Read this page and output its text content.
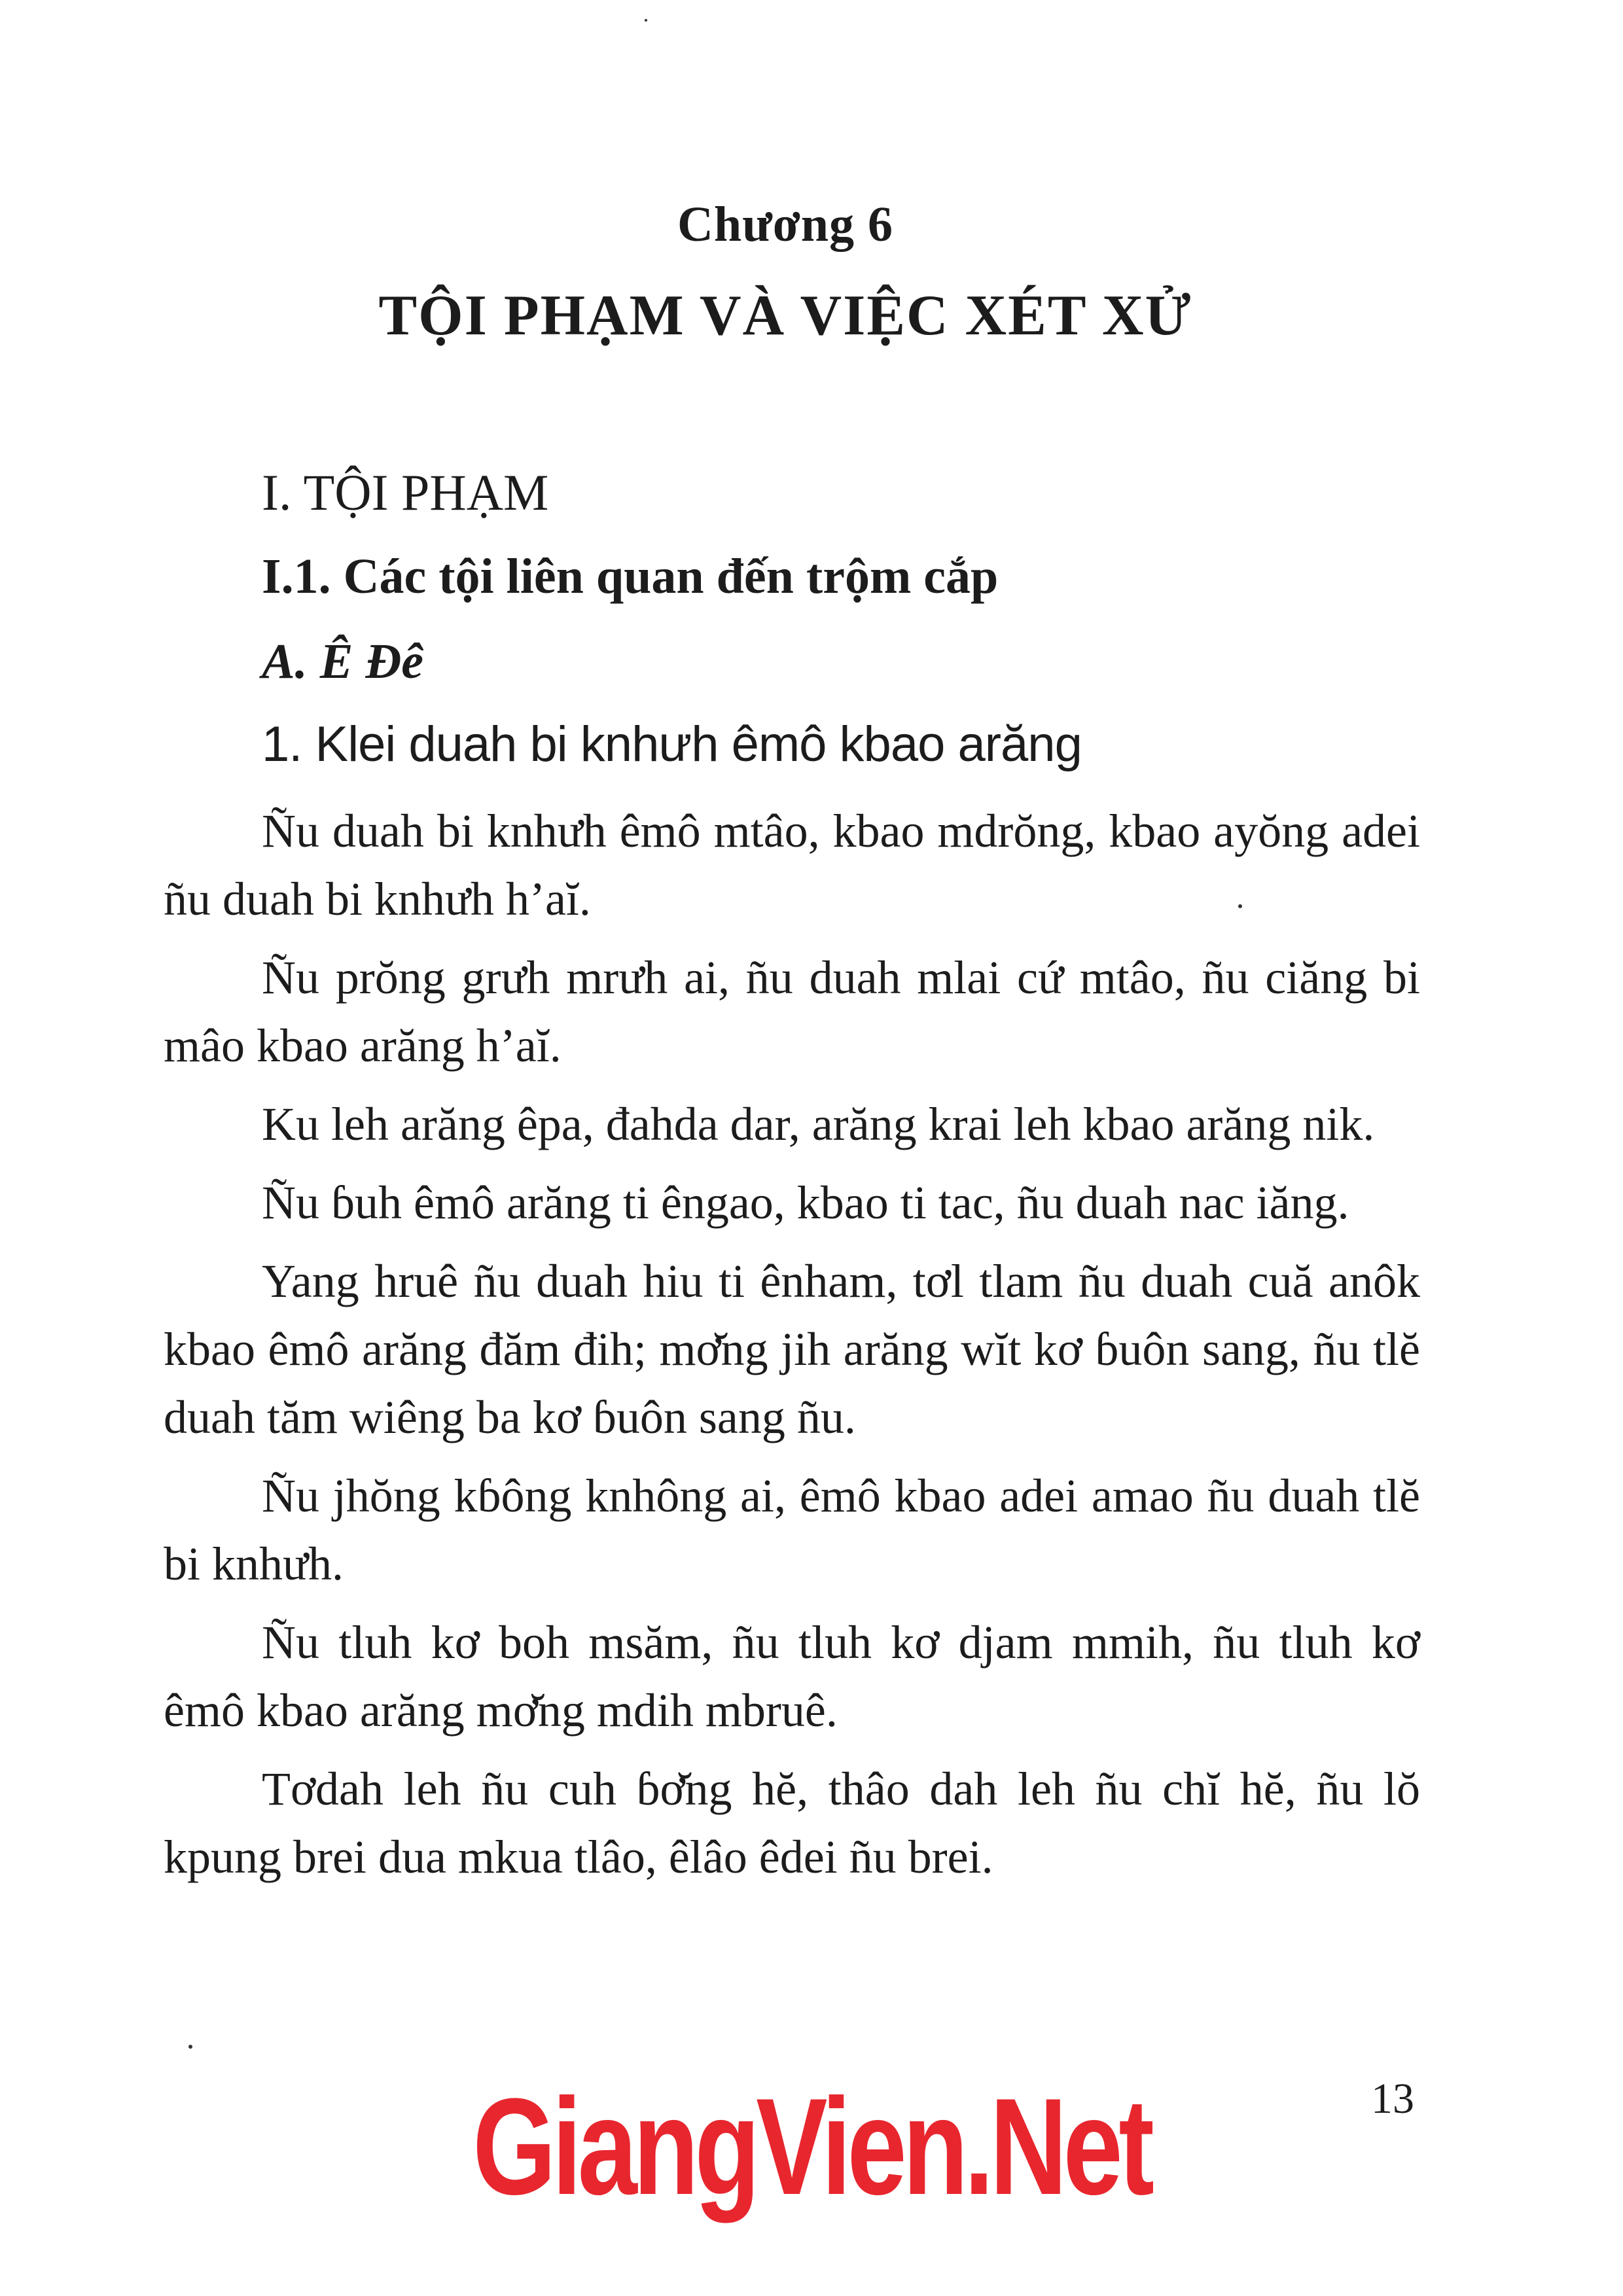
Chương 6
TỘI PHẠM VÀ VIỆC XÉT XỬ
I. TỘI PHẠM
I.1. Các tội liên quan đến trộm cắp
A. Ê Đê
1. Klei duah bi knhưh êmô kbao arăng

Ñu duah bi knhưh êmô mtâo, kbao mdrŏng, kbao ayŏng adei ñu duah bi knhưh h’aĭ.

Ñu prŏng grưh mrưh ai, ñu duah mlai cứ mtâo, ñu ciăng bi mâo kbao arăng h’aĭ.

Ku leh arăng êpa, đahda dar, arăng krai leh kbao arăng nik.

Ñu ɓuh êmô arăng ti êngao, kbao ti tac, ñu duah nac iăng.

Yang hruê ñu duah hiu ti ênham, tơl tlam ñu duah cuă anôk kbao êmô arăng đăm đih; mơ̆ng jih arăng wĭt kơ ɓuôn sang, ñu tlĕ duah tăm wiêng ba kơ ɓuôn sang ñu.

Ñu jhŏng kɓông knhông ai, êmô kbao adei amao ñu duah tlĕ bi knhưh.

Ñu tluh kơ boh msăm, ñu tluh kơ djam mmih, ñu tluh kơ êmô kbao arăng mơ̆ng mdih mbruê.

Tơdah leh ñu cuh ɓơ̆ng hĕ, thâo dah leh ñu chĭ hĕ, ñu lŏ kpung brei dua mkua tlâo, êlâo êdei ñu brei.

GiangVien.Net	13
